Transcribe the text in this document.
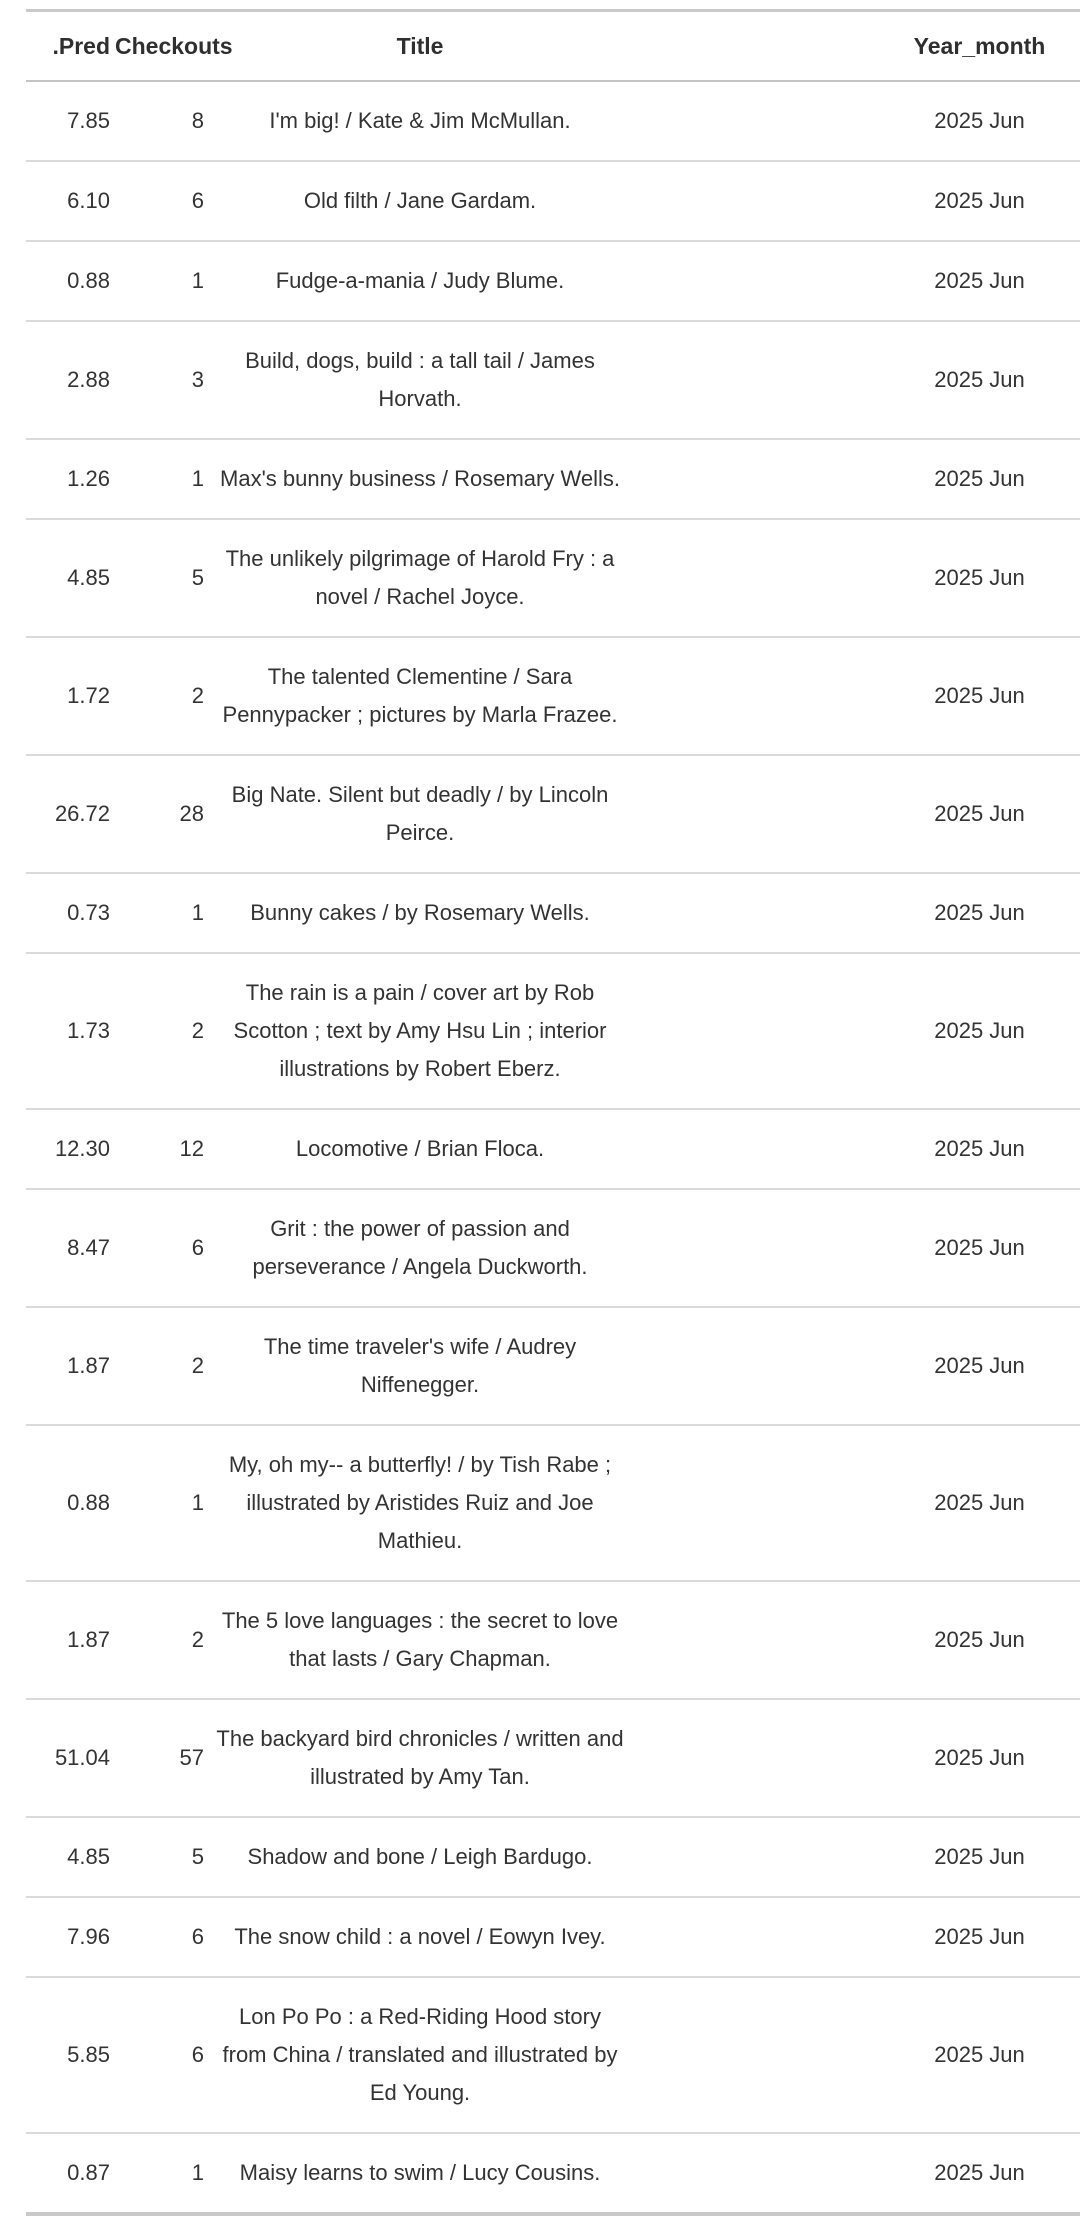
.Pred	Checkouts	Title	Year_month
7.85	8	I'm big! / Kate & Jim McMullan.	2025 Jun
6.10	6	Old filth / Jane Gardam.	2025 Jun
0.88	1	Fudge-a-mania / Judy Blume.	2025 Jun
2.88	3	Build, dogs, build : a tall tail / James Horvath.	2025 Jun
1.26	1	Max's bunny business / Rosemary Wells.	2025 Jun
4.85	5	The unlikely pilgrimage of Harold Fry : a novel / Rachel Joyce.	2025 Jun
1.72	2	The talented Clementine / Sara Pennypacker ; pictures by Marla Frazee.	2025 Jun
26.72	28	Big Nate. Silent but deadly / by Lincoln Peirce.	2025 Jun
0.73	1	Bunny cakes / by Rosemary Wells.	2025 Jun
1.73	2	The rain is a pain / cover art by Rob Scotton ; text by Amy Hsu Lin ; interior illustrations by Robert Eberz.	2025 Jun
12.30	12	Locomotive / Brian Floca.	2025 Jun
8.47	6	Grit : the power of passion and perseverance / Angela Duckworth.	2025 Jun
1.87	2	The time traveler's wife / Audrey Niffenegger.	2025 Jun
0.88	1	My, oh my-- a butterfly! / by Tish Rabe ; illustrated by Aristides Ruiz and Joe Mathieu.	2025 Jun
1.87	2	The 5 love languages : the secret to love that lasts / Gary Chapman.	2025 Jun
51.04	57	The backyard bird chronicles / written and illustrated by Amy Tan.	2025 Jun
4.85	5	Shadow and bone / Leigh Bardugo.	2025 Jun
7.96	6	The snow child : a novel / Eowyn Ivey.	2025 Jun
5.85	6	Lon Po Po : a Red-Riding Hood story from China / translated and illustrated by Ed Young.	2025 Jun
0.87	1	Maisy learns to swim / Lucy Cousins.	2025 Jun
